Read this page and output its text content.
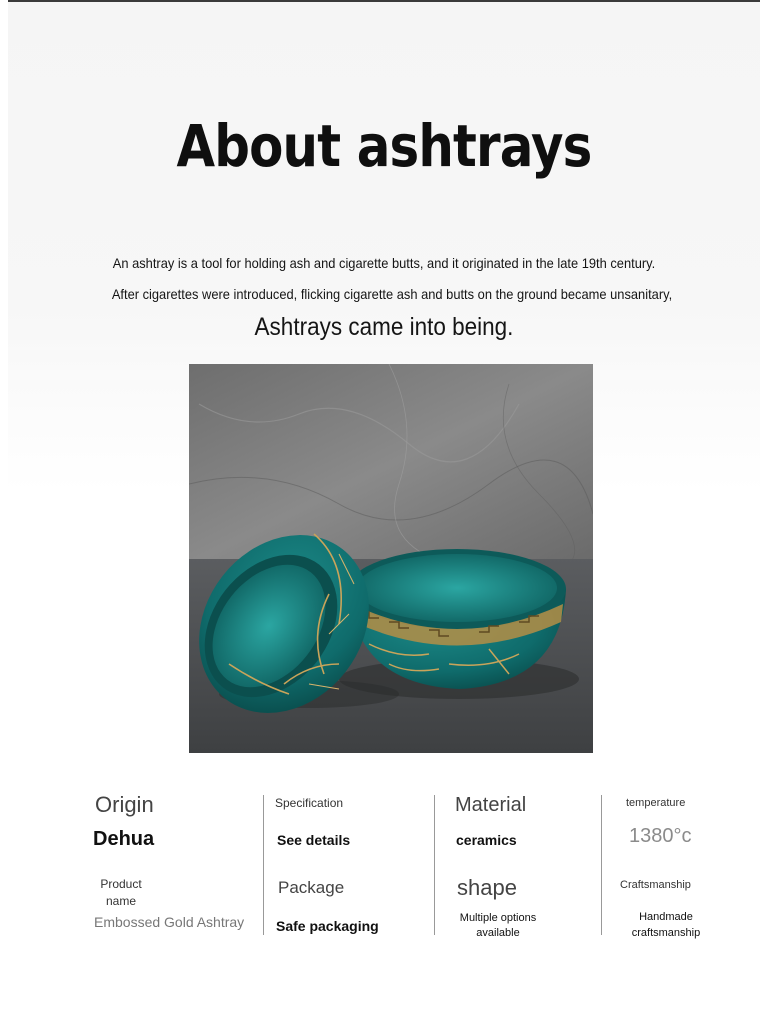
About ashtrays

An ashtray is a tool for holding ash and cigarette butts, and it originated in the late 19th century.

After cigarettes were introduced, flicking cigarette ash and butts on the ground became unsanitary,

Ashtrays came into being.

Origin
Dehua
Product name
Embossed Gold Ashtray
Specification
See details
Package
Safe packaging
Material
ceramics
shape
Multiple options available
temperature
1380°c
Craftsmanship
Handmade craftsmanship
